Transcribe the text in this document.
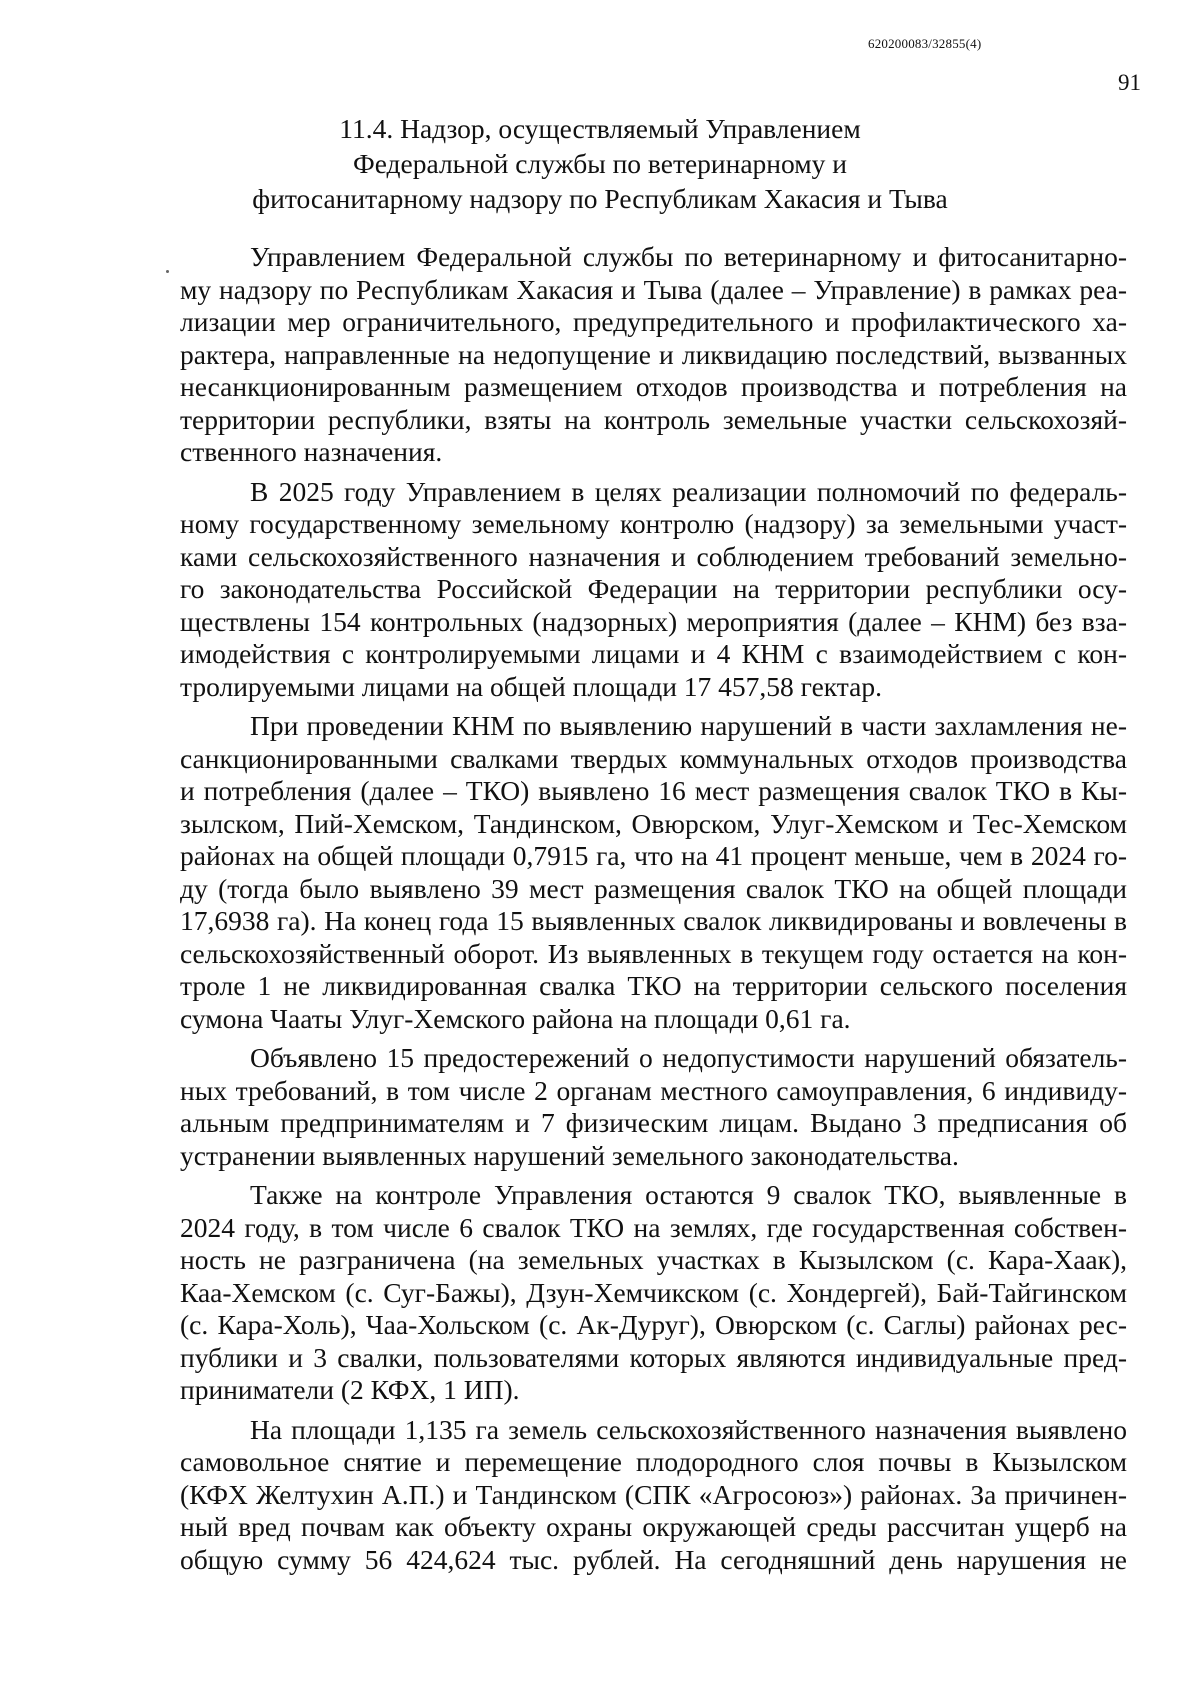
620200083/32855(4)
91
11.4. Надзор, осуществляемый Управлением
Федеральной службы по ветеринарному и
фитосанитарному надзору по Республикам Хакасия и Тыва
Управлением Федеральной службы по ветеринарному и фитосанитарно-
му надзору по Республикам Хакасия и Тыва (далее – Управление) в рамках реа-
лизации мер ограничительного, предупредительного и профилактического ха-
рактера, направленные на недопущение и ликвидацию последствий, вызванных
несанкционированным размещением отходов производства и потребления на
территории республики, взяты на контроль земельные участки сельскохозяй-
ственного назначения.
В 2025 году Управлением в целях реализации полномочий по федераль-
ному государственному земельному контролю (надзору) за земельными участ-
ками сельскохозяйственного назначения и соблюдением требований земельно-
го законодательства Российской Федерации на территории республики осу-
ществлены 154 контрольных (надзорных) мероприятия (далее – КНМ) без вза-
имодействия с контролируемыми лицами и 4 КНМ с взаимодействием с кон-
тролируемыми лицами на общей площади 17 457,58 гектар.
При проведении КНМ по выявлению нарушений в части захламления не-
санкционированными свалками твердых коммунальных отходов производства
и потребления (далее – ТКО) выявлено 16 мест размещения свалок ТКО в Кы-
зылском, Пий-Хемском, Тандинском, Овюрском, Улуг-Хемском и Тес-Хемском
районах на общей площади 0,7915 га, что на 41 процент меньше, чем в 2024 го-
ду (тогда было выявлено 39 мест размещения свалок ТКО на общей площади
17,6938 га). На конец года 15 выявленных свалок ликвидированы и вовлечены в
сельскохозяйственный оборот. Из выявленных в текущем году остается на кон-
троле 1 не ликвидированная свалка ТКО на территории сельского поселения
сумона Чааты Улуг-Хемского района на площади 0,61 га.
Объявлено 15 предостережений о недопустимости нарушений обязатель-
ных требований, в том числе 2 органам местного самоуправления, 6 индивиду-
альным предпринимателям и 7 физическим лицам. Выдано 3 предписания об
устранении выявленных нарушений земельного законодательства.
Также на контроле Управления остаются 9 свалок ТКО, выявленные в
2024 году, в том числе 6 свалок ТКО на землях, где государственная собствен-
ность не разграничена (на земельных участках в Кызылском (с. Кара-Хаак),
Каа-Хемском (с. Суг-Бажы), Дзун-Хемчикском (с. Хондергей), Бай-Тайгинском
(с. Кара-Холь), Чаа-Хольском (с. Ак-Дуруг), Овюрском (с. Саглы) районах рес-
публики и 3 свалки, пользователями которых являются индивидуальные пред-
приниматели (2 КФХ, 1 ИП).
На площади 1,135 га земель сельскохозяйственного назначения выявлено
самовольное снятие и перемещение плодородного слоя почвы в Кызылском
(КФХ Желтухин А.П.) и Тандинском (СПК «Агросоюз») районах. За причинен-
ный вред почвам как объекту охраны окружающей среды рассчитан ущерб на
общую сумму 56 424,624 тыс. рублей. На сегодняшний день нарушения не
